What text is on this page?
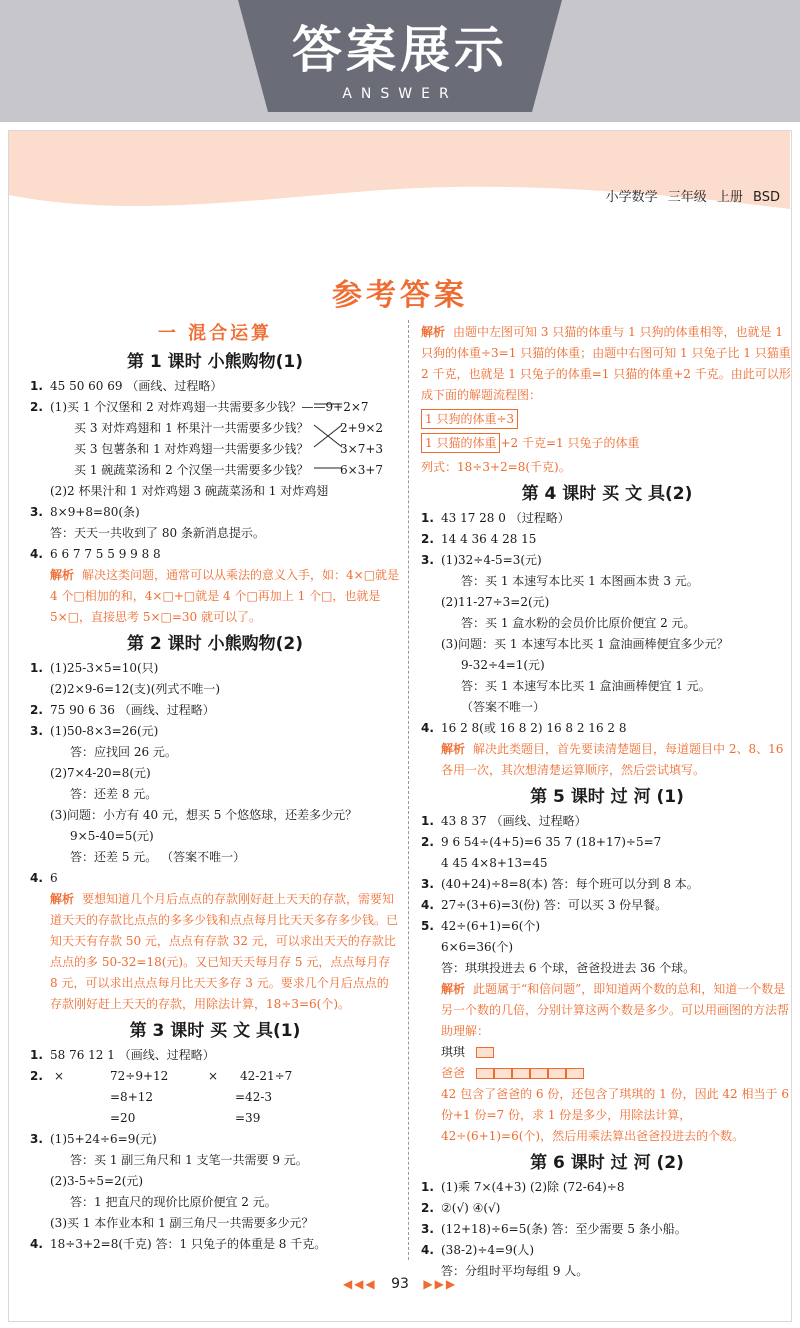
答案展示
ANSWER
小学数学 三年级 上册 BSD
参考答案
一 混合运算
第 1 课时 小熊购物(1)
1. 45 50 60 69 （画线、过程略）
2. (1)买 1 个汉堡和 2 对炸鸡翅一共需要多少钱？——9+2×7
买 3 对炸鸡翅和 1 杯果汁一共需要多少钱？	2+9×2
买 3 包薯条和 1 对炸鸡翅一共需要多少钱？	3×7+3
买 1 碗蔬菜汤和 2 个汉堡一共需要多少钱？	6×3+7
(2)2 杯果汁和 1 对炸鸡翅 3 碗蔬菜汤和 1 对炸鸡翅
3. 8×9+8=80(条)
答：天天一共收到了 80 条新消息提示。
4. 6 6 7 7 5 5 9 9 8 8
解析 解决这类问题，通常可以从乘法的意义入手，如：4×□就是 4 个□相加的和，4×□+□就是 4 个□再加上 1 个□，也就是 5×□，直接思考 5×□=30 就可以了。
第 2 课时 小熊购物(2)
1. (1)25-3×5=10(只)
(2)2×9-6=12(支)(列式不唯一)
2. 75 90 6 36 （画线、过程略）
3. (1)50-8×3=26(元)
答：应找回 26 元。
(2)7×4-20=8(元)
答：还差 8 元。
(3)问题：小方有 40 元，想买 5 个悠悠球，还差多少元？
9×5-40=5(元)
答：还差 5 元。 （答案不唯一）
4. 6
解析 要想知道几个月后点点的存款刚好赶上天天的存款，需要知道天天的存款比点点的多多少钱和点点每月比天天多存多少钱。已知天天有存款 50 元，点点有存款 32 元，可以求出天天的存款比点点的多 50-32=18(元)。又已知天天每月存 5 元，点点每月存 8 元，可以求出点点每月比天天多存 3 元。要求几个月后点点的存款刚好赶上天天的存款，用除法计算，18÷3=6(个)。
第 3 课时 买 文 具(1)
1. 58 76 12 1 （画线、过程略）
2. ×	72÷9+12	× 42-21÷7
=8+12	=42-3
=20	=39
3. (1)5+24÷6=9(元)
答：买 1 副三角尺和 1 支笔一共需要 9 元。
(2)3-5÷5=2(元)
答：1 把直尺的现价比原价便宜 2 元。
(3)买 1 本作业本和 1 副三角尺一共需要多少元？
4. 18÷3+2=8(千克) 答：1 只兔子的体重是 8 千克。
解析 由题中左图可知 3 只猫的体重与 1 只狗的体重相等，也就是 1 只狗的体重÷3=1 只猫的体重；由题中右图可知 1 只兔子比 1 只猫重 2 千克，也就是 1 只兔子的体重=1 只猫的体重+2 千克。由此可以形成下面的解题流程图：
1 只狗的体重÷3
1 只猫的体重 +2 千克=1 只兔子的体重
列式：18÷3+2=8(千克)。
第 4 课时 买 文 具(2)
1. 43 17 28 0 （过程略）
2. 14 4 36 4 28 15
3. (1)32÷4-5=3(元)
答：买 1 本速写本比买 1 本图画本贵 3 元。
(2)11-27÷3=2(元)
答：买 1 盒水粉的会员价比原价便宜 2 元。
(3)问题：买 1 本速写本比买 1 盒油画棒便宜多少元？
9-32÷4=1(元)
答：买 1 本速写本比买 1 盒油画棒便宜 1 元。
（答案不唯一）
4. 16 2 8(或 16 8 2) 16 8 2 16 2 8
解析 解决此类题目，首先要读清楚题目，每道题目中 2、8、16 各用一次，其次想清楚运算顺序，然后尝试填写。
第 5 课时 过 河 (1)
1. 43 8 37 （画线、过程略）
2. 9 6 54÷(4+5)=6 35 7 (18+17)÷5=7
4 45 4×8+13=45
3. (40+24)÷8=8(本) 答：每个班可以分到 8 本。
4. 27÷(3+6)=3(份) 答：可以买 3 份早餐。
5. 42÷(6+1)=6(个)
6×6=36(个)
答：琪琪投进去 6 个球，爸爸投进去 36 个球。
解析 此题属于“和倍问题”，即知道两个数的总和，知道一个数是另一个数的几倍，分别计算这两个数是多少。可以用画图的方法帮助理解：
琪琪
爸爸
42 包含了爸爸的 6 份，还包含了琪琪的 1 份，因此 42 相当于 6 份+1 份=7 份，求 1 份是多少，用除法计算，42÷(6+1)=6(个)，然后用乘法算出爸爸投进去的个数。
第 6 课时 过 河 (2)
1. (1)乘 7×(4+3) (2)除 (72-64)÷8
2. ②(√) ④(√)
3. (12+18)÷6=5(条) 答：至少需要 5 条小船。
4. (38-2)÷4=9(人)
答：分组时平均每组 9 人。
◀◀◀ 93 ▶▶▶
